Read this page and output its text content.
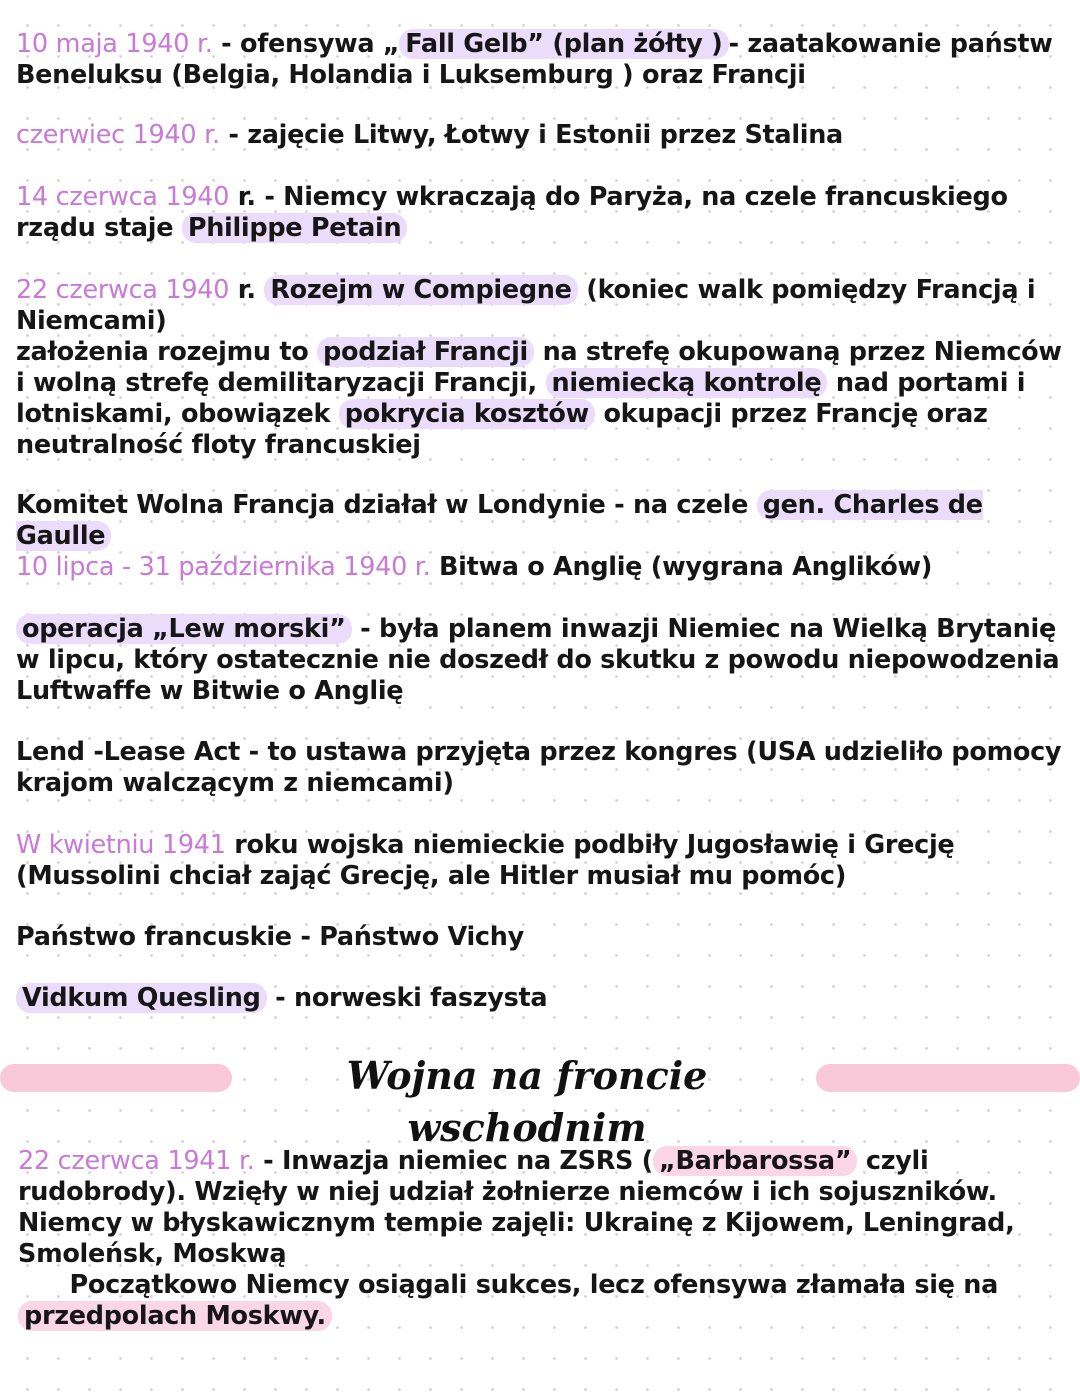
10 maja 1940 r. - ofensywa „ Fall Gelb” (plan żółty ) - zaatakowanie państw Beneluksu (Belgia, Holandia i Luksemburg ) oraz Francji
czerwiec 1940 r. - zajęcie Litwy, Łotwy i Estonii przez Stalina
14 czerwca 1940 r. - Niemcy wkraczają do Paryża, na czele francuskiego rządu staje Philippe Petain
22 czerwca 1940 r. Rozejm w Compiegne (koniec walk pomiędzy Francją i Niemcami)
założenia rozejmu to podział Francji na strefę okupowaną przez Niemców i wolną strefę demilitaryzacji Francji, niemiecką kontrolę nad portami i lotniskami, obowiązek pokrycia kosztów okupacji przez Francję oraz neutralność floty francuskiej
Komitet Wolna Francja działał w Londynie - na czele gen. Charles de Gaulle
10 lipca - 31 października 1940 r. Bitwa o Anglię (wygrana Anglików)
operacja „Lew morski” - była planem inwazji Niemiec na Wielką Brytanię w lipcu, który ostatecznie nie doszedł do skutku z powodu niepowodzenia Luftwaffe w Bitwie o Anglię
Lend -Lease Act - to ustawa przyjęta przez kongres (USA udzieliło pomocy krajom walczącym z niemcami)
W kwietniu 1941 roku wojska niemieckie podbiły Jugosławię i Grecję (Mussolini chciał zająć Grecję, ale Hitler musiał mu pomóc)
Państwo francuskie - Państwo Vichy
Vidkum Quesling - norweski faszysta
Wojna na froncie wschodnim
22 czerwca 1941 r. - Inwazja niemiec na ZSRS ( „Barbarossa” czyli rudobrody). Wzięły w niej udział żołnierze niemców i ich sojuszników. Niemcy w błyskawicznym tempie zajęli: Ukrainę z Kijowem, Leningrad, Smoleńsk, Moskwą

Początkowo Niemcy osiągali sukces, lecz ofensywa złamała się na przedpolach Moskwy.
